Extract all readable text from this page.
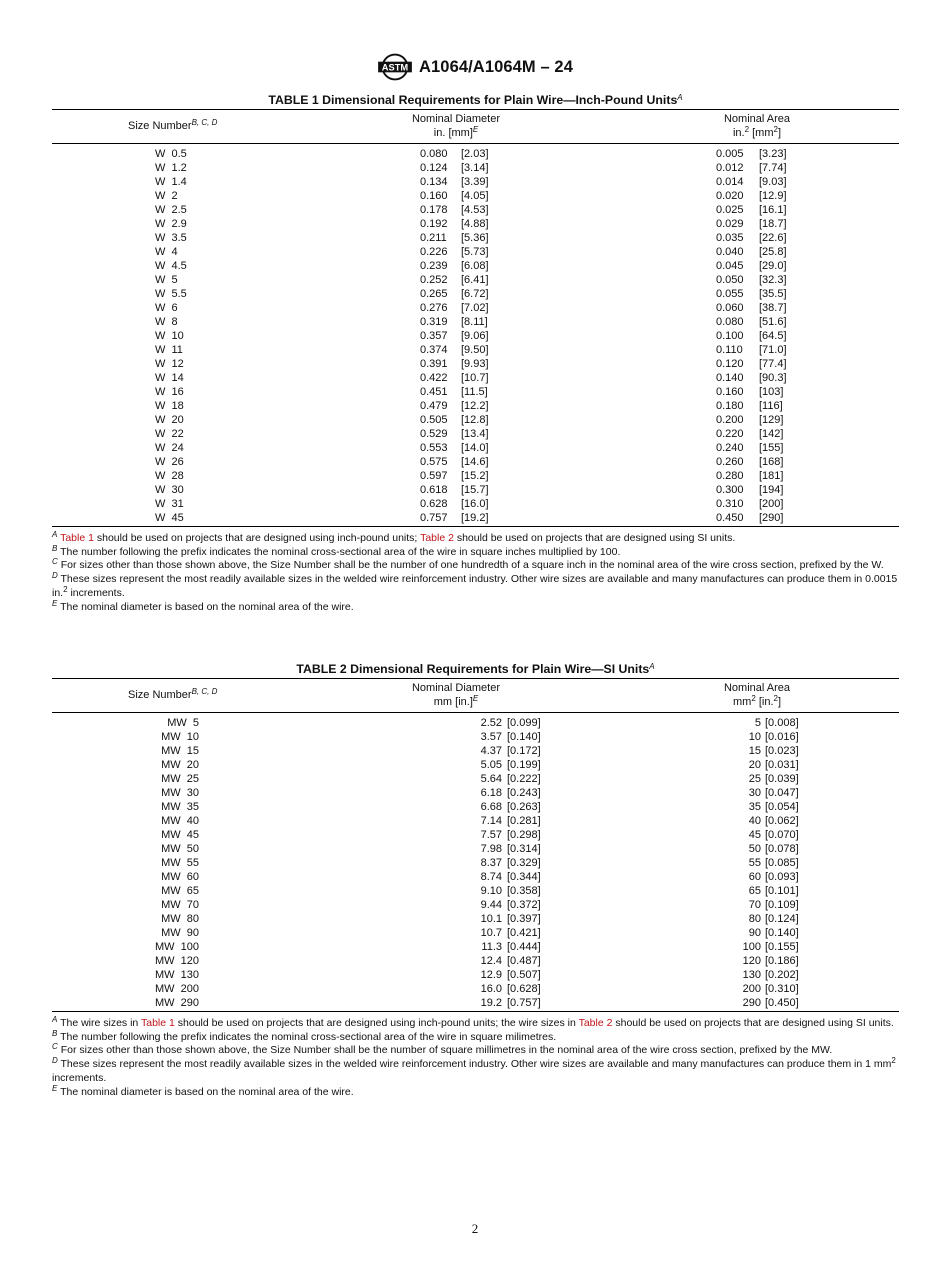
ASTM A1064/A1064M – 24
TABLE 1 Dimensional Requirements for Plain Wire—Inch-Pound Units$^A$
Size Number$^{B, C, D}$	Nominal Diameter
in. [mm]$^E$
Nominal Area
in.$^2$ $[mm^2]$
W  0.5	0.080 [2.03]	0.005 [3.23]
W  1.2	0.124 [3.14]	0.012 [7.74]
W  1.4	0.134 [3.39]	0.014 [9.03]
W  2	0.160 [4.05]	0.020 [12.9]
W  2.5	0.178 [4.53]	0.025 [16.1]
W  2.9	0.192 [4.88]	0.029 [18.7]
W  3.5	0.211 [5.36]	0.035 [22.6]
W  4	0.226 [5.73]	0.040 [25.8]
W  4.5	0.239 [6.08]	0.045 [29.0]
W  5	0.252 [6.41]	0.050 [32.3]
W  5.5	0.265 [6.72]	0.055 [35.5]
W  6	0.276 [7.02]	0.060 [38.7]
W  8	0.319 [8.11]	0.080 [51.6]
W  10	0.357 [9.06]	0.100 [64.5]
W  11	0.374 [9.50]	0.110 [71.0]
W  12	0.391 [9.93]	0.120 [77.4]
W  14	0.422 [10.7]	0.140 [90.3]
W  16	0.451 [11.5]	0.160 [103]
W  18	0.479 [12.2]	0.180 [116]
W  20	0.505 [12.8]	0.200 [129]
W  22	0.529 [13.4]	0.220 [142]
W  24	0.553 [14.0]	0.240 [155]
W  26	0.575 [14.6]	0.260 [168]
W  28	0.597 [15.2]	0.280 [181]
W  30	0.618 [15.7]	0.300 [194]
W  31	0.628 [16.0]	0.310 [200]
W  45	0.757 [19.2]	0.450 [290]

$^A$ Table 1 should be used on projects that are designed using inch-pound units; Table 2 should be used on projects that are designed using SI units.

$^B$ The number following the prefix indicates the nominal cross-sectional area of the wire in square inches multiplied by 100.

$^C$ For sizes other than those shown above, the Size Number shall be the number of one hundredth of a square inch in the nominal area of the wire cross section, prefixed by the W.

$^D$ These sizes represent the most readily available sizes in the welded wire reinforcement industry. Other wire sizes are available and many manufactures can produce them in 0.0015 in.$^2$ increments.

$^E$ The nominal diameter is based on the nominal area of the wire.

TABLE 2 Dimensional Requirements for Plain Wire—SI Units$^A$
Size Number$^{B, C, D}$	Nominal Diameter
mm $[in.]^E$
Nominal Area
$mm^2$ [in.$^2$]
MW  5	2.52 [0.099]	5 [0.008]
MW  10	3.57 [0.140]	10 [0.016]
MW  15	4.37 [0.172]	15 [0.023]
MW  20	5.05 [0.199]	20 [0.031]
MW  25	5.64 [0.222]	25 [0.039]
MW  30	6.18 [0.243]	30 [0.047]
MW  35	6.68 [0.263]	35 [0.054]
MW  40	7.14 [0.281]	40 [0.062]
MW  45	7.57 [0.298]	45 [0.070]
MW  50	7.98 [0.314]	50 [0.078]
MW  55	8.37 [0.329]	55 [0.085]
MW  60	8.74 [0.344]	60 [0.093]
MW  65	9.10 [0.358]	65 [0.101]
MW  70	9.44 [0.372]	70 [0.109]
MW  80	10.1 [0.397]	80 [0.124]
MW  90	10.7 [0.421]	90 [0.140]
MW  100	11.3 [0.444]	100 [0.155]
MW  120	12.4 [0.487]	120 [0.186]
MW  130	12.9 [0.507]	130 [0.202]
MW  200	16.0 [0.628]	200 [0.310]
MW  290	19.2 [0.757]	290 [0.450]

$^A$ The wire sizes in Table 1 should be used on projects that are designed using inch-pound units; the wire sizes in Table 2 should be used on projects that are designed using SI units.

$^B$ The number following the prefix indicates the nominal cross-sectional area of the wire in square milimetres.

$^C$ For sizes other than those shown above, the Size Number shall be the number of square millimetres in the nominal area of the wire cross section, prefixed by the MW.

$^D$ These sizes represent the most readily available sizes in the welded wire reinforcement industry. Other wire sizes are available and many manufactures can produce them in 1 $mm^2$ increments.

$^E$ The nominal diameter is based on the nominal area of the wire.

2
